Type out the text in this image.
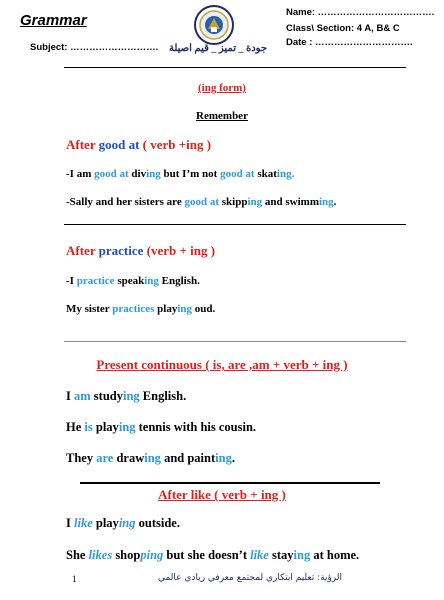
Grammar
Subject: ……………………….
Name: ……………………………….
Class\ Section: 4 A, B& C
Date : ………………………….
جودة _ تميز _ قيم اصيلة
(ing form)
Remember
After good at ( verb +ing )
-I am good at diving but I’m not good at skating.
-Sally and her sisters are good at skipping and swimming.
After practice (verb + ing )
-I practice speaking English.
My sister practices playing oud.
Present continuous ( is, are ,am + verb + ing )
I am studying English.
He is playing tennis with his cousin.
They are drawing and painting.
After like ( verb + ing )
I like playing outside.
She likes shopping but she doesn’t like staying at home.
1	الرؤية: تعليم ابتكاري لمجتمع معرفي ريادي عالمي
